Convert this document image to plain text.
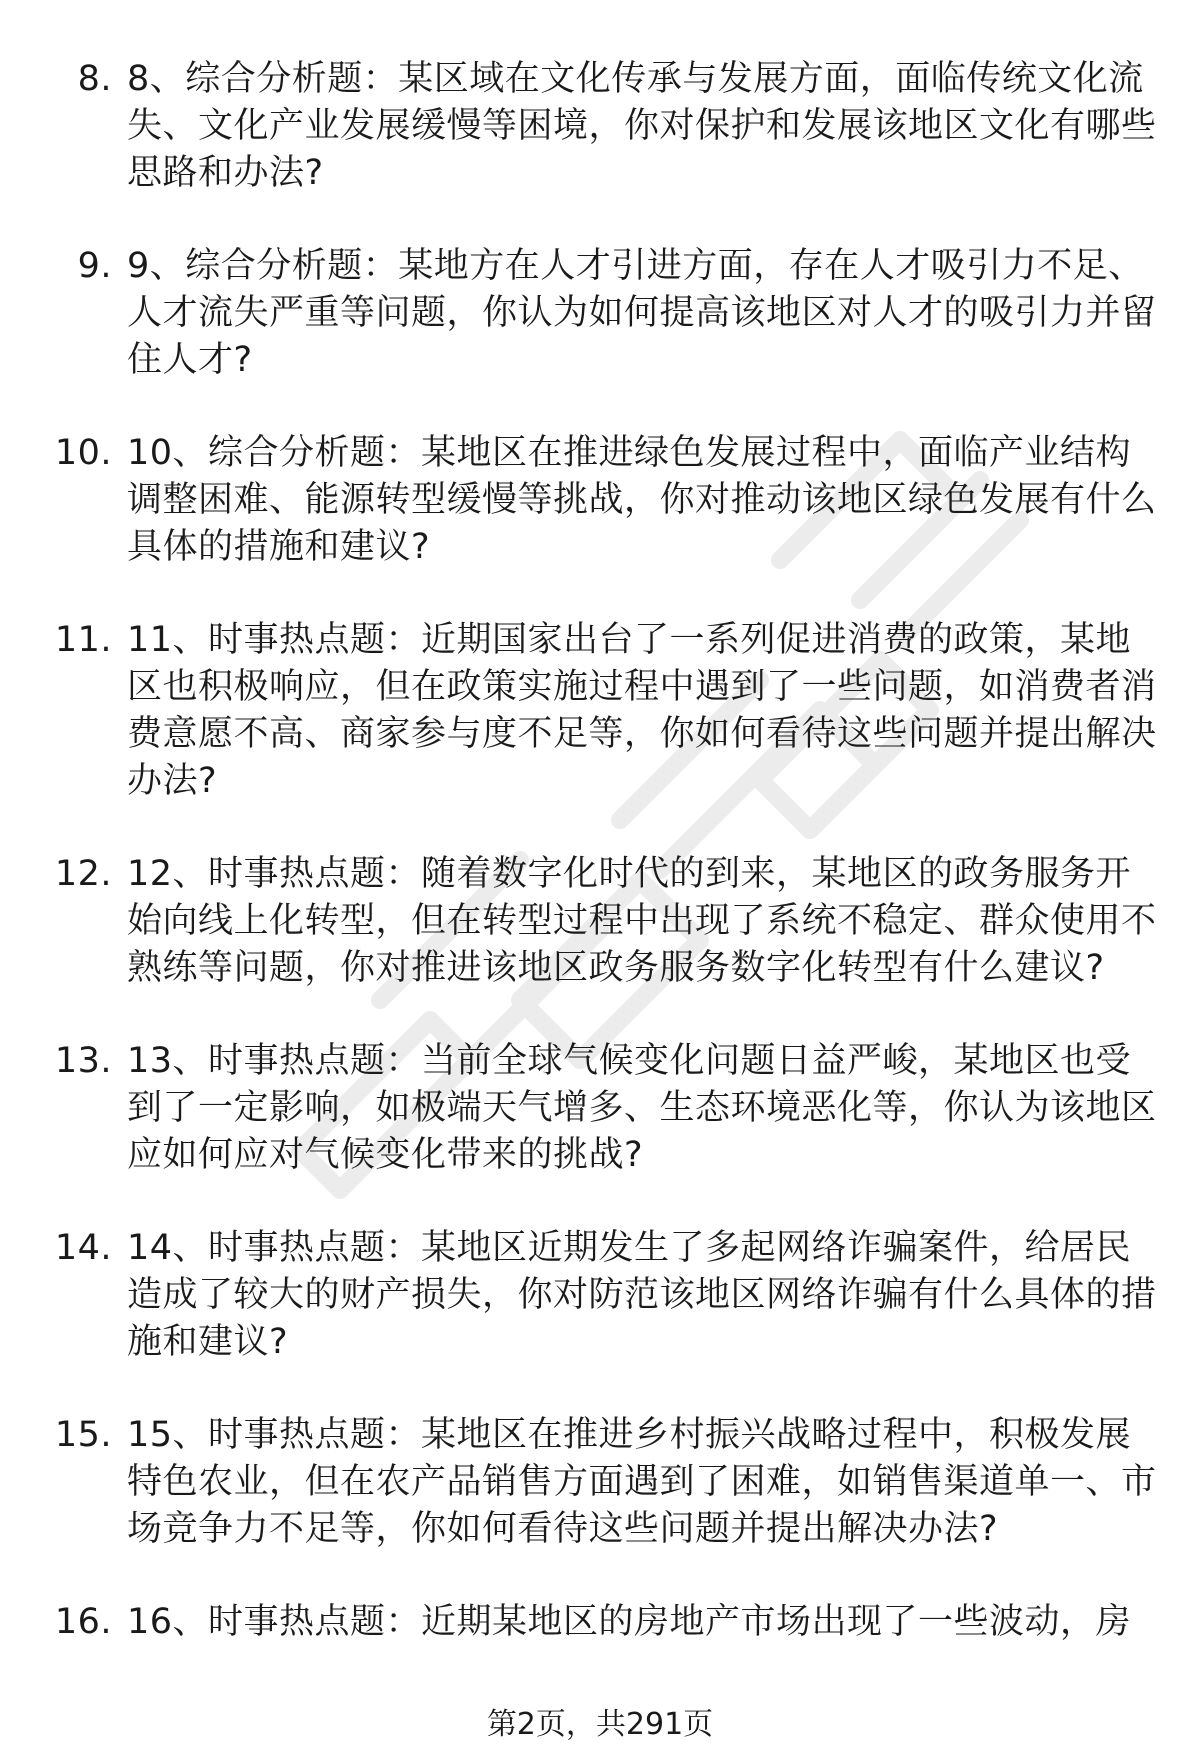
8. 8、综合分析题：某区域在文化传承与发展方面，面临传统文化流失、文化产业发展缓慢等困境，你对保护和发展该地区文化有哪些思路和办法?
9. 9、综合分析题：某地方在人才引进方面，存在人才吸引力不足、人才流失严重等问题，你认为如何提高该地区对人才的吸引力并留住人才?
10. 10、综合分析题：某地区在推进绿色发展过程中，面临产业结构调整困难、能源转型缓慢等挑战，你对推动该地区绿色发展有什么具体的措施和建议?
11. 11、时事热点题：近期国家出台了一系列促进消费的政策，某地区也积极响应，但在政策实施过程中遇到了一些问题，如消费者消费意愿不高、商家参与度不足等，你如何看待这些问题并提出解决办法?
12. 12、时事热点题：随着数字化时代的到来，某地区的政务服务开始向线上化转型，但在转型过程中出现了系统不稳定、群众使用不熟练等问题，你对推进该地区政务服务数字化转型有什么建议?
13. 13、时事热点题：当前全球气候变化问题日益严峻，某地区也受到了一定影响，如极端天气增多、生态环境恶化等，你认为该地区应如何应对气候变化带来的挑战?
14. 14、时事热点题：某地区近期发生了多起网络诈骗案件，给居民造成了较大的财产损失，你对防范该地区网络诈骗有什么具体的措施和建议?
15. 15、时事热点题：某地区在推进乡村振兴战略过程中，积极发展特色农业，但在农产品销售方面遇到了困难，如销售渠道单一、市场竞争力不足等，你如何看待这些问题并提出解决办法?
16. 16、时事热点题：近期某地区的房地产市场出现了一些波动，房
第2页，共291页
